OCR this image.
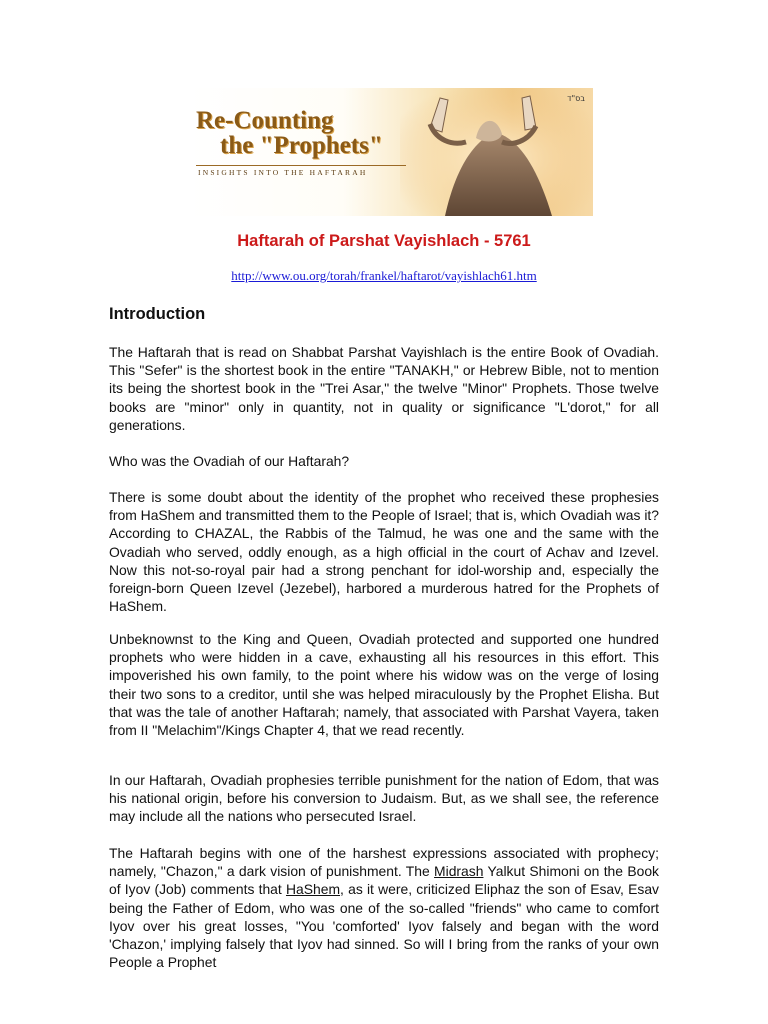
בס"ד
Re-Counting
the "Prophets"
INSIGHTS INTO THE HAFTARAH
Haftarah of Parshat Vayishlach - 5761
http://www.ou.org/torah/frankel/haftarot/vayishlach61.htm
Introduction

The Haftarah that is read on Shabbat Parshat Vayishlach is the entire Book of Ovadiah. This "Sefer" is the shortest book in the entire "TANAKH," or Hebrew Bible, not to mention its being the shortest book in the "Trei Asar," the twelve "Minor" Prophets. Those twelve books are "minor" only in quantity, not in quality or significance "L'dorot," for all generations.

Who was the Ovadiah of our Haftarah?

There is some doubt about the identity of the prophet who received these prophesies from HaShem and transmitted them to the People of Israel; that is, which Ovadiah was it? According to CHAZAL, the Rabbis of the Talmud, he was one and the same with the Ovadiah who served, oddly enough, as a high official in the court of Achav and Izevel. Now this not-so-royal pair had a strong penchant for idol-worship and, especially the foreign-born Queen Izevel (Jezebel), harbored a murderous hatred for the Prophets of HaShem.

Unbeknownst to the King and Queen, Ovadiah protected and supported one hundred prophets who were hidden in a cave, exhausting all his resources in this effort. This impoverished his own family, to the point where his widow was on the verge of losing their two sons to a creditor, until she was helped miraculously by the Prophet Elisha. But that was the tale of another Haftarah; namely, that associated with Parshat Vayera, taken from II "Melachim"/Kings Chapter 4, that we read recently.

In our Haftarah, Ovadiah prophesies terrible punishment for the nation of Edom, that was his national origin, before his conversion to Judaism. But, as we shall see, the reference may include all the nations who persecuted Israel.

The Haftarah begins with one of the harshest expressions associated with prophecy; namely, "Chazon," a dark vision of punishment. The Midrash Yalkut Shimoni on the Book of Iyov (Job) comments that HaShem, as it were, criticized Eliphaz the son of Esav, Esav being the Father of Edom, who was one of the so-called "friends" who came to comfort Iyov over his great losses, "You 'comforted' Iyov falsely and began with the word 'Chazon,' implying falsely that Iyov had sinned. So will I bring from the ranks of your own People a Prophet
